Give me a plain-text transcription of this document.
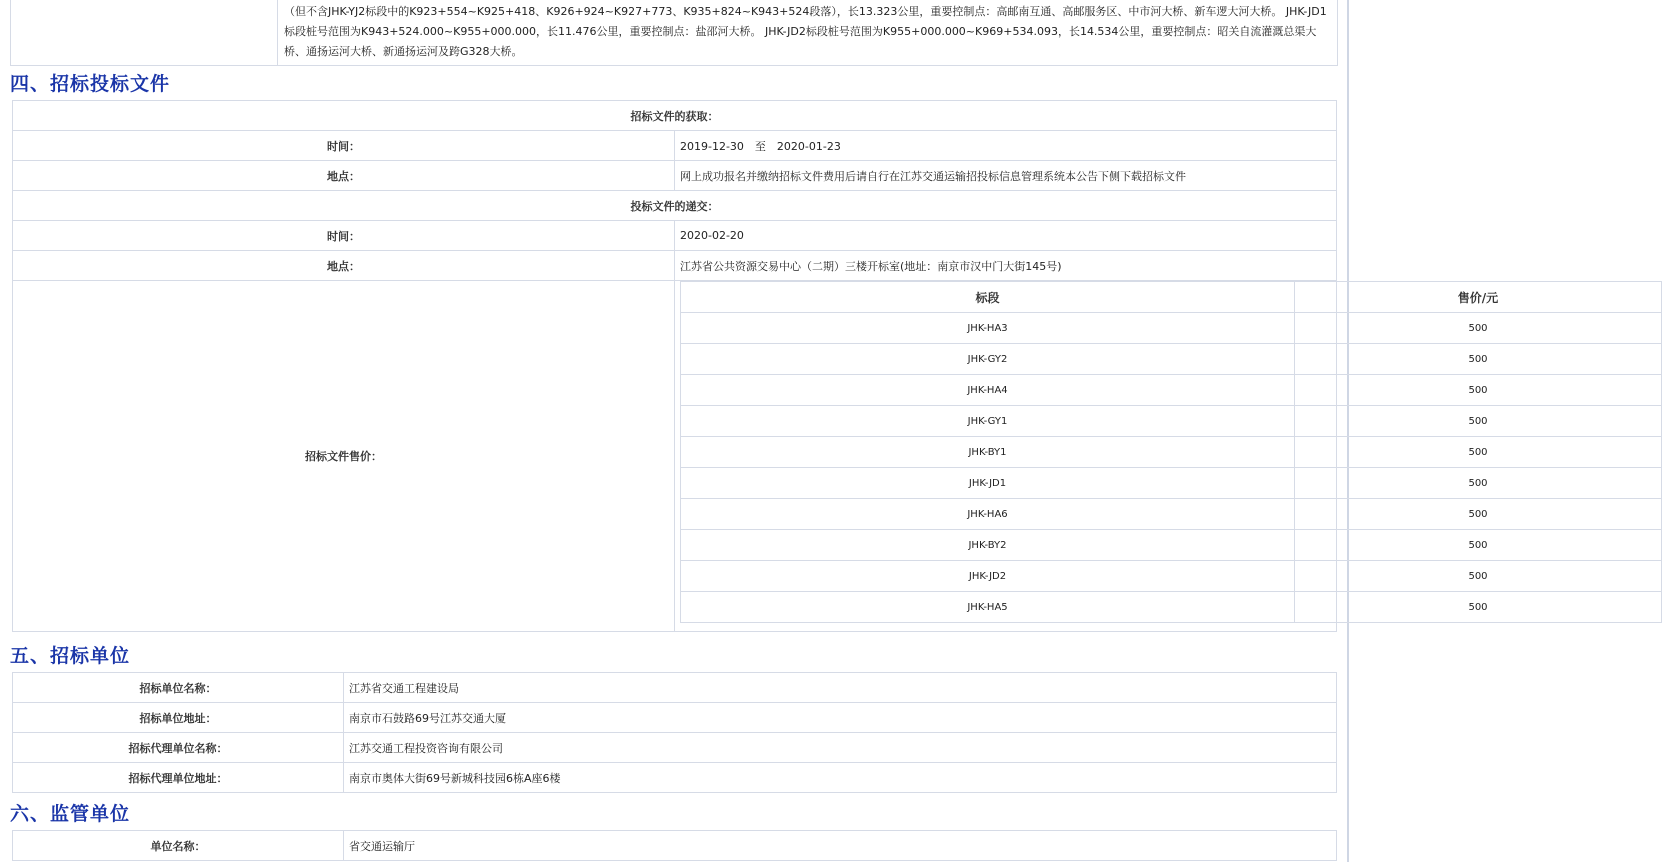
（但不含JHK-YJ2标段中的K923+554~K925+418、K926+924~K927+773、K935+824~K943+524段落），长13.323公里，重要控制点：高邮南互通、高邮服务区、中市河大桥、新车逻大河大桥。 JHK-JD1标段桩号范围为K943+524.000~K955+000.000，长11.476公里，重要控制点：盐邵河大桥。 JHK-JD2标段桩号范围为K955+000.000~K969+534.093，长14.534公里，重要控制点：昭关自流灌溉总渠大桥、通扬运河大桥、新通扬运河及跨G328大桥。
四、招标投标文件
招标文件的获取：
时间：	2019-12-30　至　2020-01-23
地点：	网上成功报名并缴纳招标文件费用后请自行在江苏交通运输招投标信息管理系统本公告下侧下载招标文件
投标文件的递交：
时间：	2020-02-20
地点：	江苏省公共资源交易中心（二期）三楼开标室(地址：南京市汉中门大街145号)
招标文件售价：	
标段	售价/元
JHK-HA3	500
JHK-GY2	500
JHK-HA4	500
JHK-GY1	500
JHK-BY1	500
JHK-JD1	500
JHK-HA6	500
JHK-BY2	500
JHK-JD2	500
JHK-HA5	500
五、招标单位
招标单位名称：	江苏省交通工程建设局
招标单位地址：	南京市石鼓路69号江苏交通大厦
招标代理单位名称：	江苏交通工程投资咨询有限公司
招标代理单位地址：	南京市奥体大街69号新城科技园6栋A座6楼
六、监管单位
单位名称：	省交通运输厅
